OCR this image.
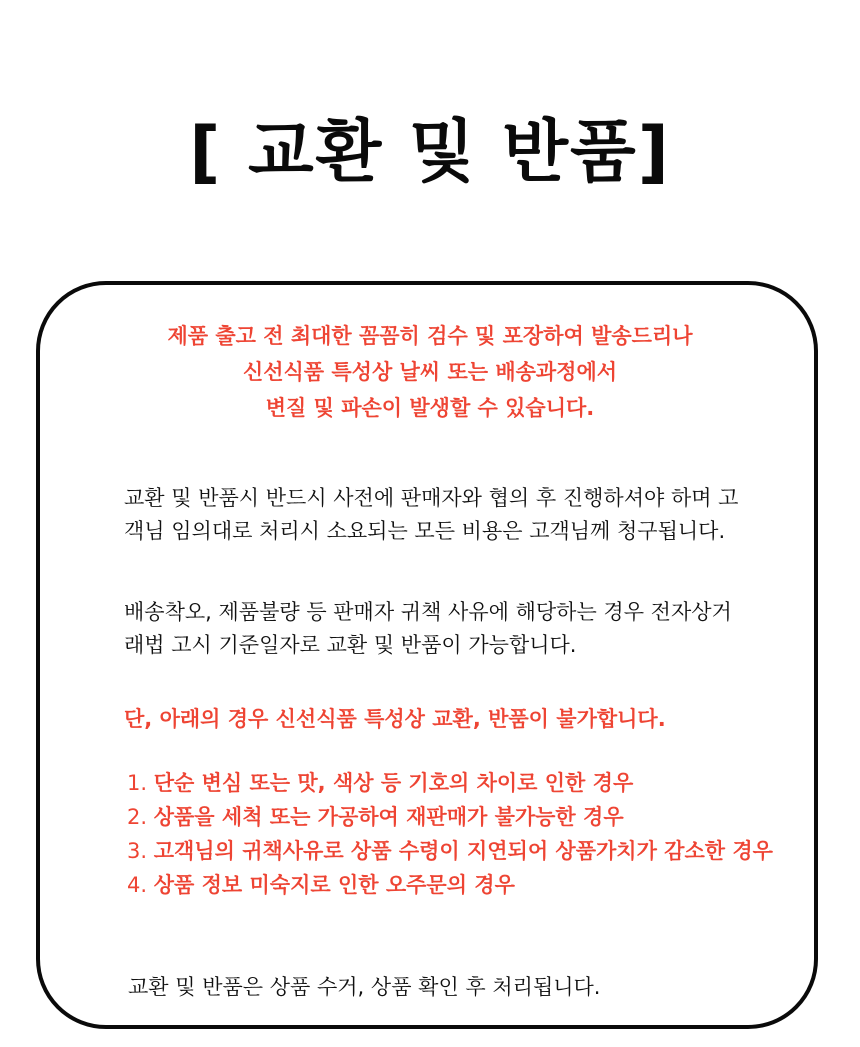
[ 교환 및 반품]
제품 출고 전 최대한 꼼꼼히 검수 및 포장하여 발송드리나
신선식품 특성상 날씨 또는 배송과정에서
변질 및 파손이 발생할 수 있습니다.
교환 및 반품시 반드시 사전에 판매자와 협의 후 진행하셔야 하며 고
객님 임의대로 처리시 소요되는 모든 비용은 고객님께 청구됩니다.
배송착오, 제품불량 등 판매자 귀책 사유에 해당하는 경우 전자상거
래법 고시 기준일자로 교환 및 반품이 가능합니다.
단, 아래의 경우 신선식품 특성상 교환, 반품이 불가합니다.
1. 단순 변심 또는 맛, 색상 등 기호의 차이로 인한 경우
2. 상품을 세척 또는 가공하여 재판매가 불가능한 경우
3. 고객님의 귀책사유로 상품 수령이 지연되어 상품가치가 감소한 경우
4. 상품 정보 미숙지로 인한 오주문의 경우
교환 및 반품은 상품 수거, 상품 확인 후 처리됩니다.
